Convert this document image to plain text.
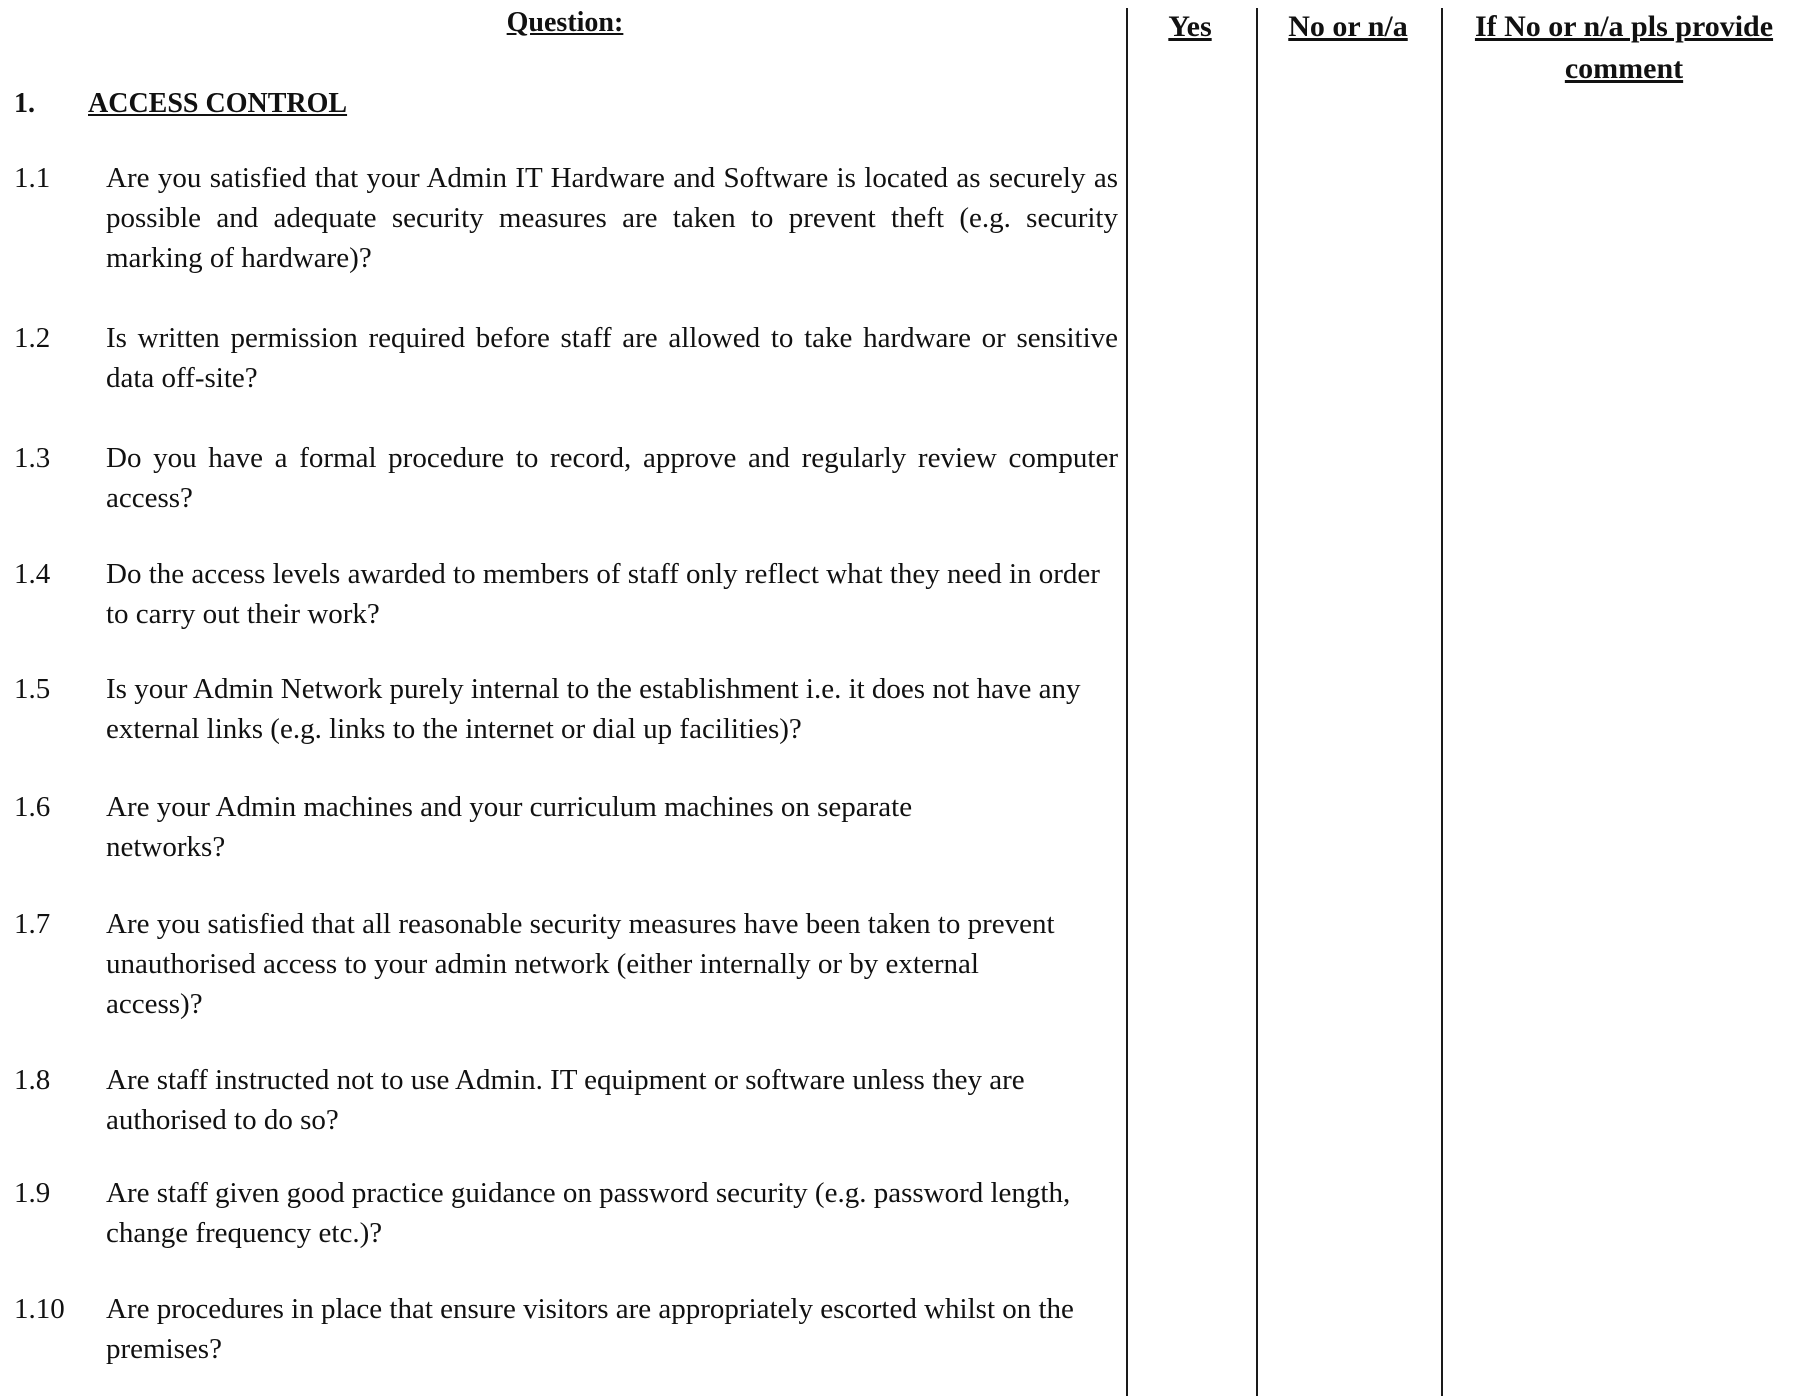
Question:	Yes	No or n/a	If No or n/a pls provide comment
1. ACCESS CONTROL
1.1	Are you satisfied that your Admin IT Hardware and Software is located as securely as possible and adequate security measures are taken to prevent theft (e.g. security marking of hardware)?
1.2	Is written permission required before staff are allowed to take hardware or sensitive data off-site?
1.3	Do you have a formal procedure to record, approve and regularly review computer access?
1.4	Do the access levels awarded to members of staff only reflect what they need in order to carry out their work?
1.5	Is your Admin Network purely internal to the establishment i.e. it does not have any external links (e.g. links to the internet or dial up facilities)?
1.6	Are your Admin machines and your curriculum machines on separate networks?
1.7	Are you satisfied that all reasonable security measures have been taken to prevent unauthorised access to your admin network (either internally or by external access)?
1.8	Are staff instructed not to use Admin. IT equipment or software unless they are authorised to do so?
1.9	Are staff given good practice guidance on password security (e.g. password length, change frequency etc.)?
1.10	Are procedures in place that ensure visitors are appropriately escorted whilst on the premises?
